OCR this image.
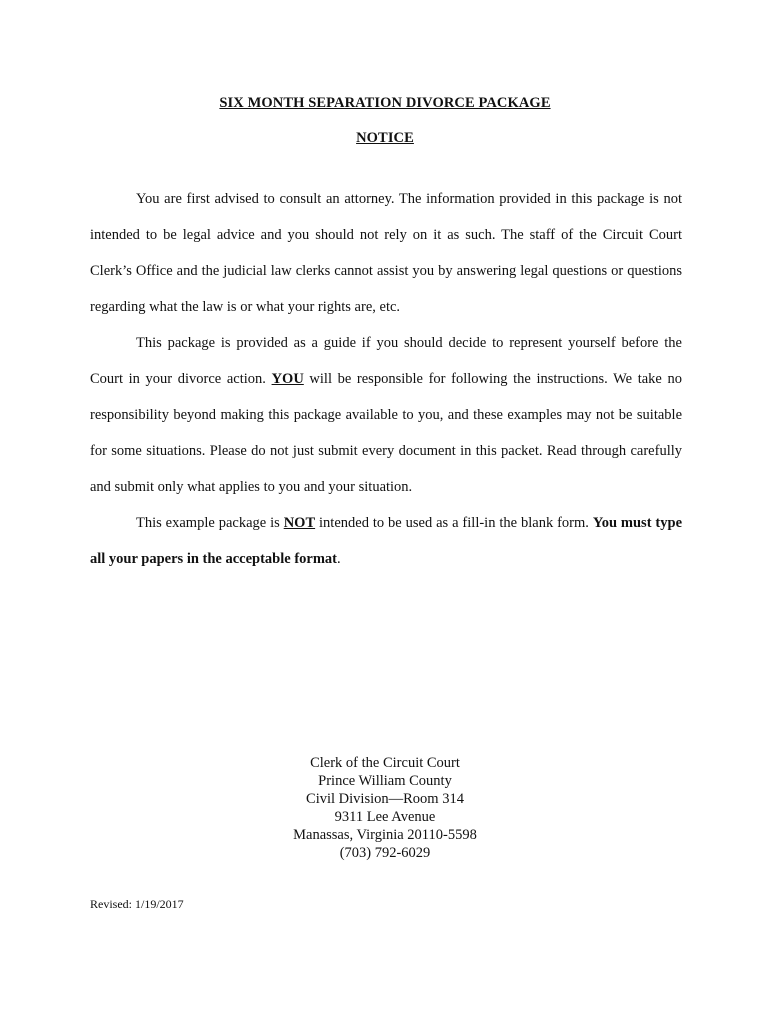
SIX MONTH SEPARATION DIVORCE PACKAGE
NOTICE

You are first advised to consult an attorney. The information provided in this package is not intended to be legal advice and you should not rely on it as such. The staff of the Circuit Court Clerk’s Office and the judicial law clerks cannot assist you by answering legal questions or questions regarding what the law is or what your rights are, etc.

This package is provided as a guide if you should decide to represent yourself before the Court in your divorce action. YOU will be responsible for following the instructions. We take no responsibility beyond making this package available to you, and these examples may not be suitable for some situations. Please do not just submit every document in this packet. Read through carefully and submit only what applies to you and your situation.

This example package is NOT intended to be used as a fill-in the blank form. You must type all your papers in the acceptable format.

Clerk of the Circuit Court
Prince William County
Civil Division—Room 314
9311 Lee Avenue
Manassas, Virginia 20110-5598
(703) 792-6029
Revised: 1/19/2017
